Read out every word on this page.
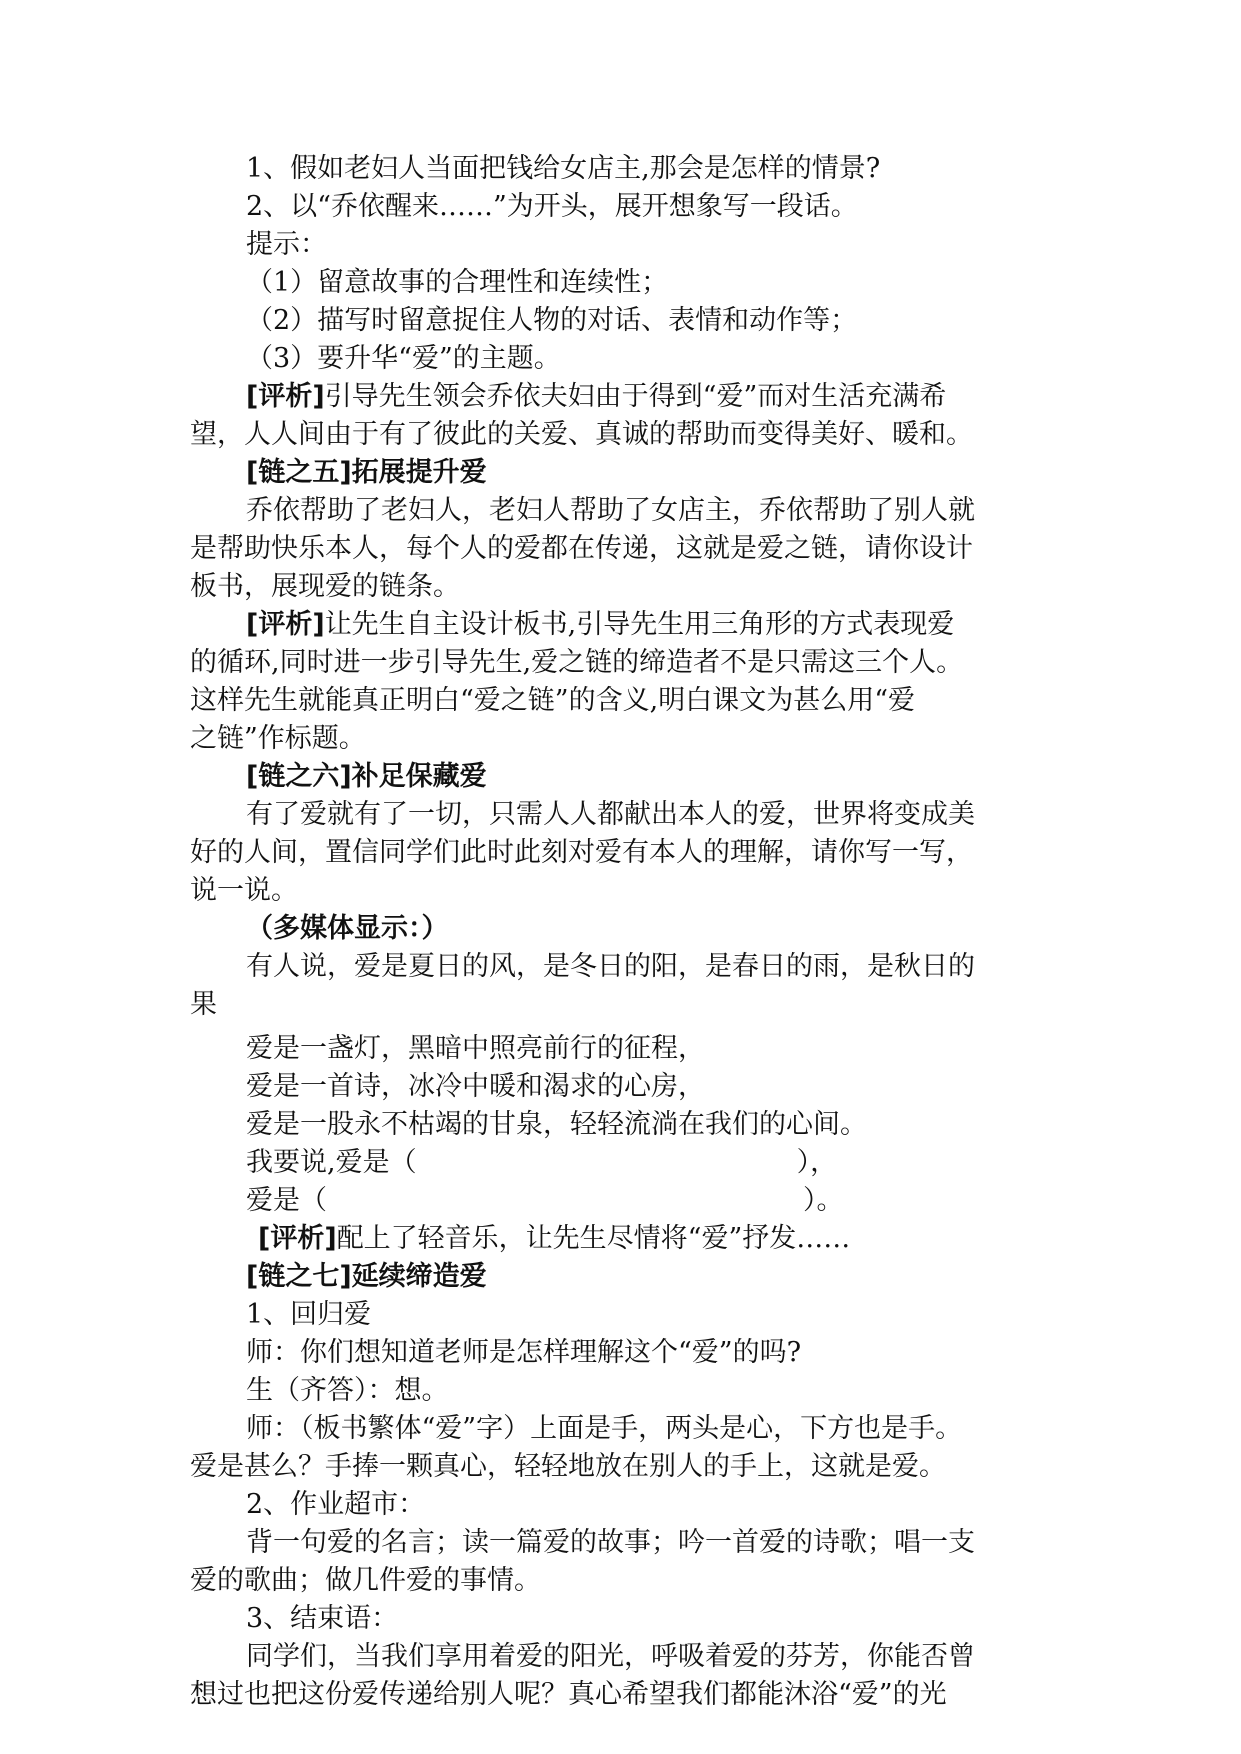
1、假如老妇人当面把钱给女店主,那会是怎样的情景?
2、以“乔依醒来……”为开头，展开想象写一段话。
提示：
（1）留意故事的合理性和连续性；
（2）描写时留意捉住人物的对话、表情和动作等；
（3）要升华“爱”的主题。
[评析]引导先生领会乔依夫妇由于得到“爱”而对生活充满希
望，人人间由于有了彼此的关爱、真诚的帮助而变得美好、暖和。
[链之五]拓展提升爱
乔依帮助了老妇人，老妇人帮助了女店主，乔依帮助了别人就
是帮助快乐本人，每个人的爱都在传递，这就是爱之链，请你设计
板书，展现爱的链条。
[评析]让先生自主设计板书,引导先生用三角形的方式表现爱
的循环,同时进一步引导先生,爱之链的缔造者不是只需这三个人。
这样先生就能真正明白“爱之链”的含义,明白课文为甚么用“爱
之链”作标题。
[链之六]补足保藏爱
有了爱就有了一切，只需人人都献出本人的爱，世界将变成美
好的人间，置信同学们此时此刻对爱有本人的理解，请你写一写，
说一说。
（多媒体显示：）
有人说，爱是夏日的风，是冬日的阳，是春日的雨，是秋日的
果
爱是一盏灯，黑暗中照亮前行的征程，
爱是一首诗，冰冷中暖和渴求的心房，
爱是一股永不枯竭的甘泉，轻轻流淌在我们的心间。
我要说,爱是（	），
爱是（	）。
[评析]配上了轻音乐，让先生尽情将“爱”抒发……
[链之七]延续缔造爱
1、回归爱
师：你们想知道老师是怎样理解这个“爱”的吗?
生（齐答）：想。
师：（板书繁体“爱”字）上面是手，两头是心，下方也是手。
爱是甚么？手捧一颗真心，轻轻地放在别人的手上，这就是爱。
2、作业超市：
背一句爱的名言；读一篇爱的故事；吟一首爱的诗歌；唱一支
爱的歌曲；做几件爱的事情。
3、结束语：
同学们，当我们享用着爱的阳光，呼吸着爱的芬芳，你能否曾
想过也把这份爱传递给别人呢？真心希望我们都能沐浴“爱”的光
